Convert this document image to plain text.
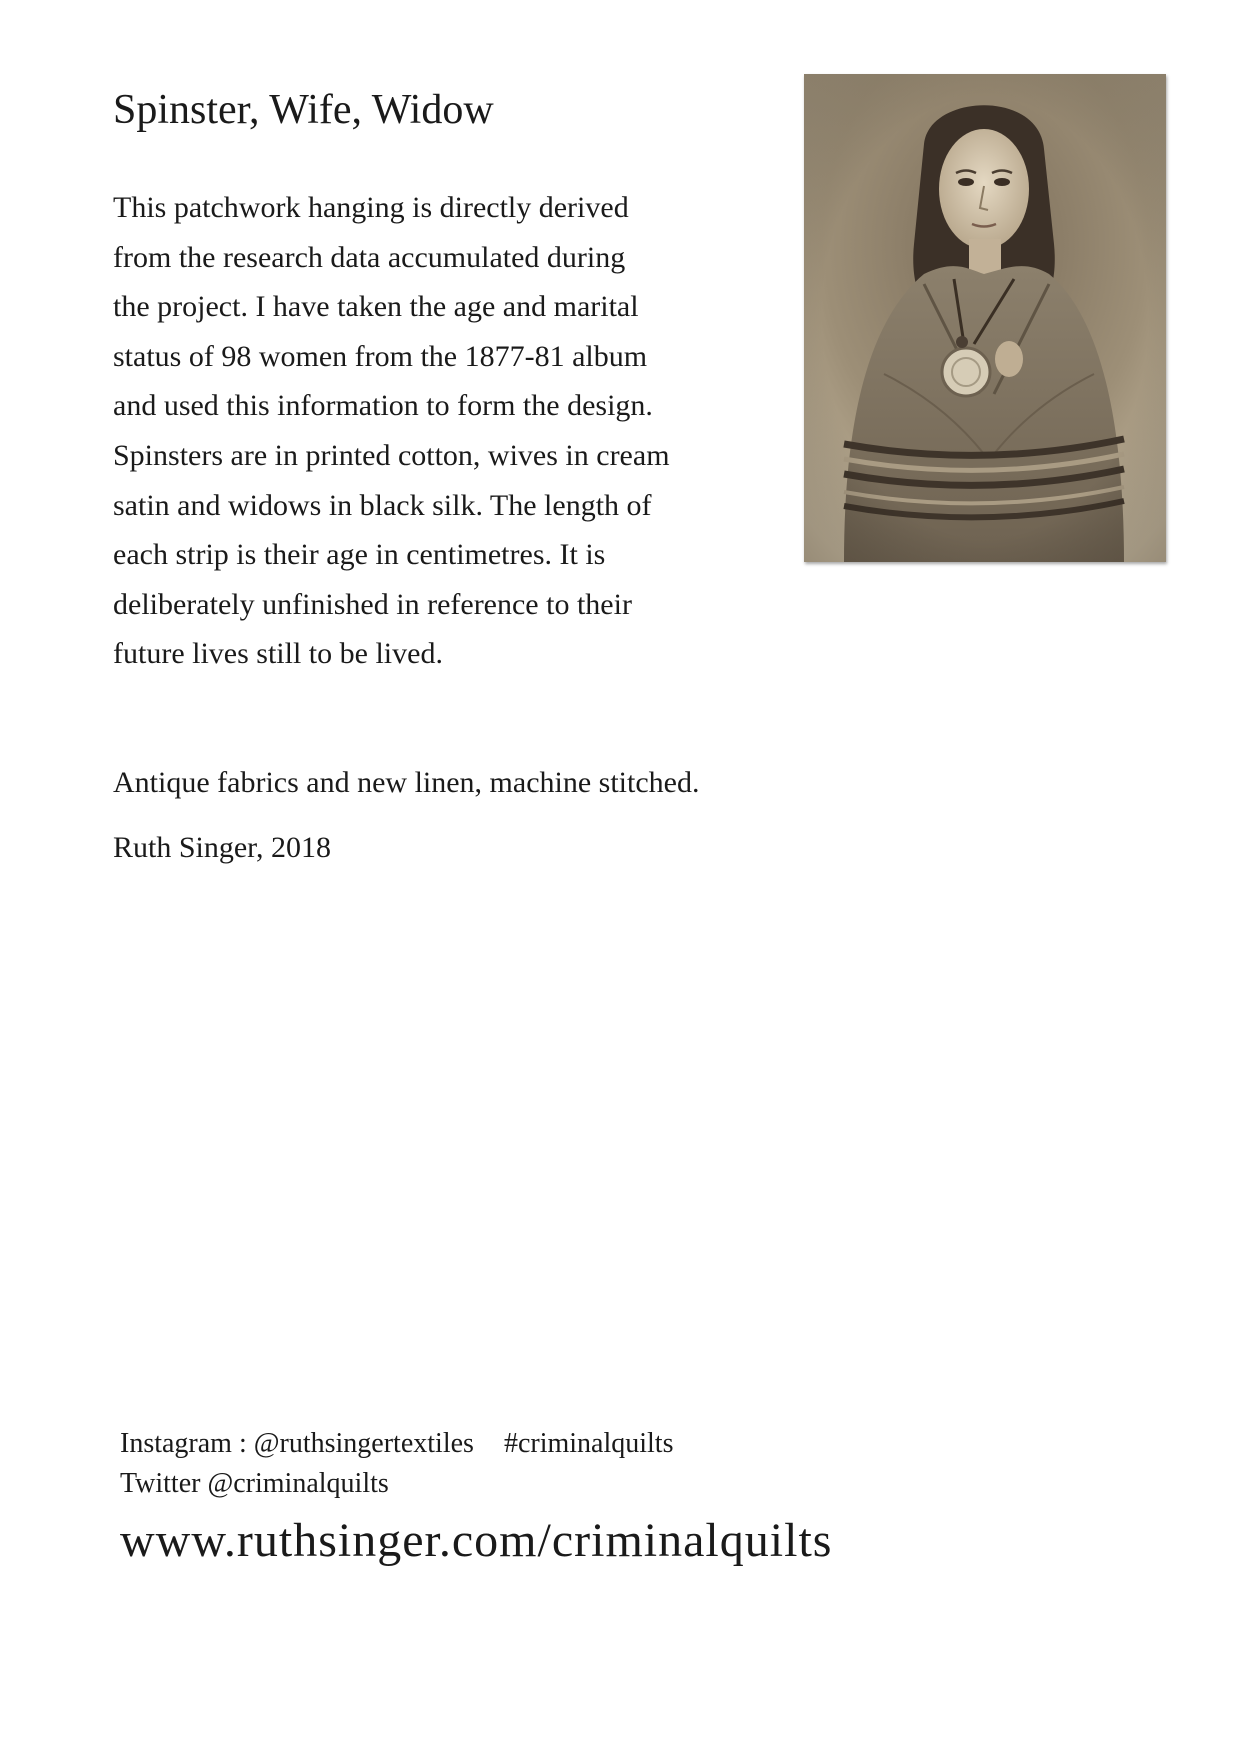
Spinster, Wife, Widow

This patchwork hanging is directly derived
from the research data accumulated during
the project. I have taken the age and marital
status of 98 women from the 1877-81 album
and used this information to form the design.
Spinsters are in printed cotton, wives in cream
satin and widows in black silk. The length of
each strip is their age in centimetres. It is
deliberately unfinished in reference to their
future lives still to be lived.

Antique fabrics and new linen, machine stitched.

Ruth Singer, 2018

Instagram : @ruthsingertextiles #criminalquilts
Twitter @criminalquilts

www.ruthsinger.com/criminalquilts
